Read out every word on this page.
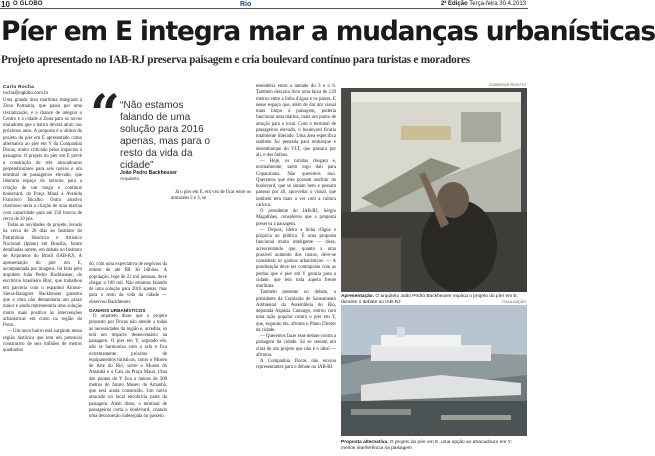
10 O GLOBO	Rio	2ª Edição Terça-feira 30.4.2013
Píer em E integra mar a mudanças urbanísticas
Projeto apresentado no IAB-RJ preserva paisagem e cria boulevard contínuo para turistas e moradores
Carla Rocha
rocha@oglobo.com.br

Uma grande área marítima integrada à Zona Portuária, que passa por uma revitalização, e a chance de integrar o Centro e a cidade a Zona para os novos moradores que o bairro deverá atrair nos próximos anos. A proposta é a ultima do projeto do píer em E apresentado como alternativa ao píer em Y da Companhia Docas, muito criticado pelos impactos à paisagem. O projeto do píer em E prevê a construção de três atracadouros perpendiculares para seis navios e um terminal de passageiros elevado, que liberaria espaço do entorno para a criação de um longo e contínuo boulevard, da Praça Mauá à Avenida Francisco Bicalho. Outro atrativo charmoso seria a criação de uma marina com capacidade para até 250 barcos de cerca de 30 pés.

Todas as novidades do projeto, levado há cerca de 20 dias ao Instituto do Patrimônio Histórico e Artístico Nacional (Iphan) em Brasília, foram detalhadas ontem, em debate no Instituto de Arquitetos do Brasil (IAB-RJ). A apresentação do píer em E, acompanhada por imagens, foi feita pelo arquiteto João Pedro Backheuser, do escritório brasileiro Blac, que trabalhou em parceria com o espanhol Alonso-Sierra-Balaguer. Backheuser garantiu que a obra não demandaria um prazo maior e ainda representaria uma solução muito mais positiva às intervenções urbanísticas em curso na região do Porto.

— Um novo bairro está surgindo nessa região histórica que tem um potencial construtivo de seis milhões de metros quadrados

“ “Não estamos falando de uma solução para 2016 apenas, mas para o resto da vida da cidade”
João Pedro Backheuser
Arquiteto

do, com uma expectativa de negócios da ordem de até R$ 30 bilhões. A população, hoje de 22 mil pessoas, deve chegar a 100 mil. Não estamos falando de uma solução para 2016 apenas, mas para o resto da vida da cidade — observou Backheuser.

GANHOS URBANÍSTICOS

O arquiteto disse que o projeto proposto por Docas não atende a todas as necessidades da região e, acredita, só terá um impacto desnecessário na paisagem. O píer em Y, segundo ele, não se harmoniza com a orla e fica extremamente próximo de equipamentos turísticos, como o Museu de Arte do Rio, sobre o Museu do Amanhã e o Cais da Praça Mauá. Uma das pontas do Y fica a menos de 300 metros do futuro Museu do Amanhã, que será ainda construído. Um navio atracado no local encobriria parte da paisagem. Além disso, o terminal de passageiros corta o boulevard, criando uma desconexão indesejada no passeio.

Já o píer em E, em vez de ficar entre os armazéns 2 e 3, se

estenderia entre a metade do 3 e o 6. Também deixaria livre uma faixa de 120 metros entre a linha d'água e os píeres. E nesse espaço que, além de dar um visual mais limpo à paisagem, poderia funcionar uma marina, mais um ponto de atração para o local. Com o terminal de passageiros elevado, o boulevard ficaria totalmente liberado. Uma área específica também foi pensada para embarque e desembarque do VLT, que passará por ali, e dos ônibus.

— Hoje, os turistas chegam e, normalmente, saem logo dali para Copacabana. Não queremos isso. Queremos que eles possam usufruir do boulevard, que se sintam bem e possam passear por ali, aproveitar o visual, que também tem mais a ver com a cultura carioca.

O presidente do IAB-RJ, Sérgio Magalhães, considerou que a proposta preserva a paisagem.

— Depois, libera a linha d'água e propicia ao público. É uma proposta funcional muito inteligente — disse, acrescentando que, quanto a uma possível aumento dos custos, deve-se considerar os ganhos urbanísticos. — A ponderação deve ser contraposta com as perdas que o píer em Y geraria para a cidade, que tem toda aquela frente marítima.

Também presente no debate, a presidente da Comissão de Saneamento Ambiental da Assembleia do Rio, deputada Aspásia Camargo, entrou com uma ação popular contra o píer em Y, que, segundo ela, afronta o Plano Diretor da cidade.

— Queremos fazer esse debate contra a paisagem da cidade. Só se sentam em cima de um projeto que não é o ideal — afirmou.

A Companhia Docas não enviou representantes para o debate no IAB-RJ.

DOMINGOS PEIXOTO
Apresentação. O arquiteto João Pedro Backheuser explica o projeto do píer em E, durante o debate no IAB-RJ	DIVULGAÇÃO
Proposta alternativa. O projeto do píer em E, uma opção ao atracadouro em Y: menos interferência na paisagem
